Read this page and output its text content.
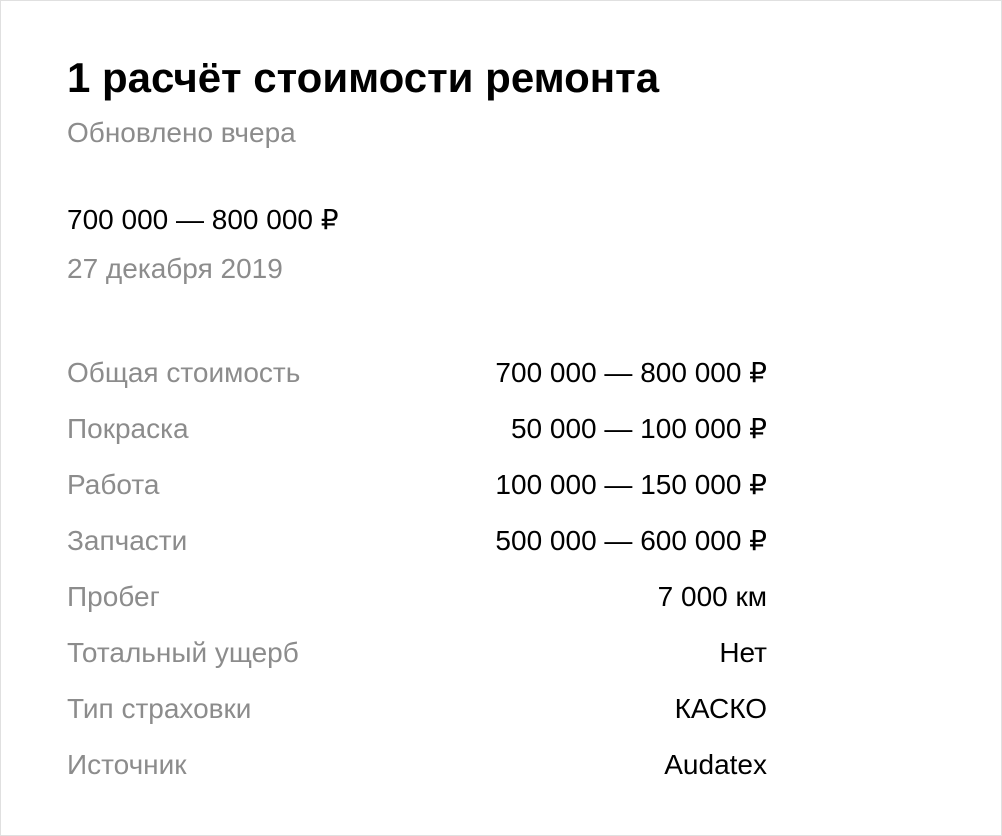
1 расчёт стоимости ремонта
Обновлено вчера
700 000 — 800 000 ₽
27 декабря 2019
Общая стоимость	700 000 — 800 000 ₽
Покраска	50 000 — 100 000 ₽
Работа	100 000 — 150 000 ₽
Запчасти	500 000 — 600 000 ₽
Пробег	7 000 км
Тотальный ущерб	Нет
Тип страховки	КАСКО
Источник	Audatex
